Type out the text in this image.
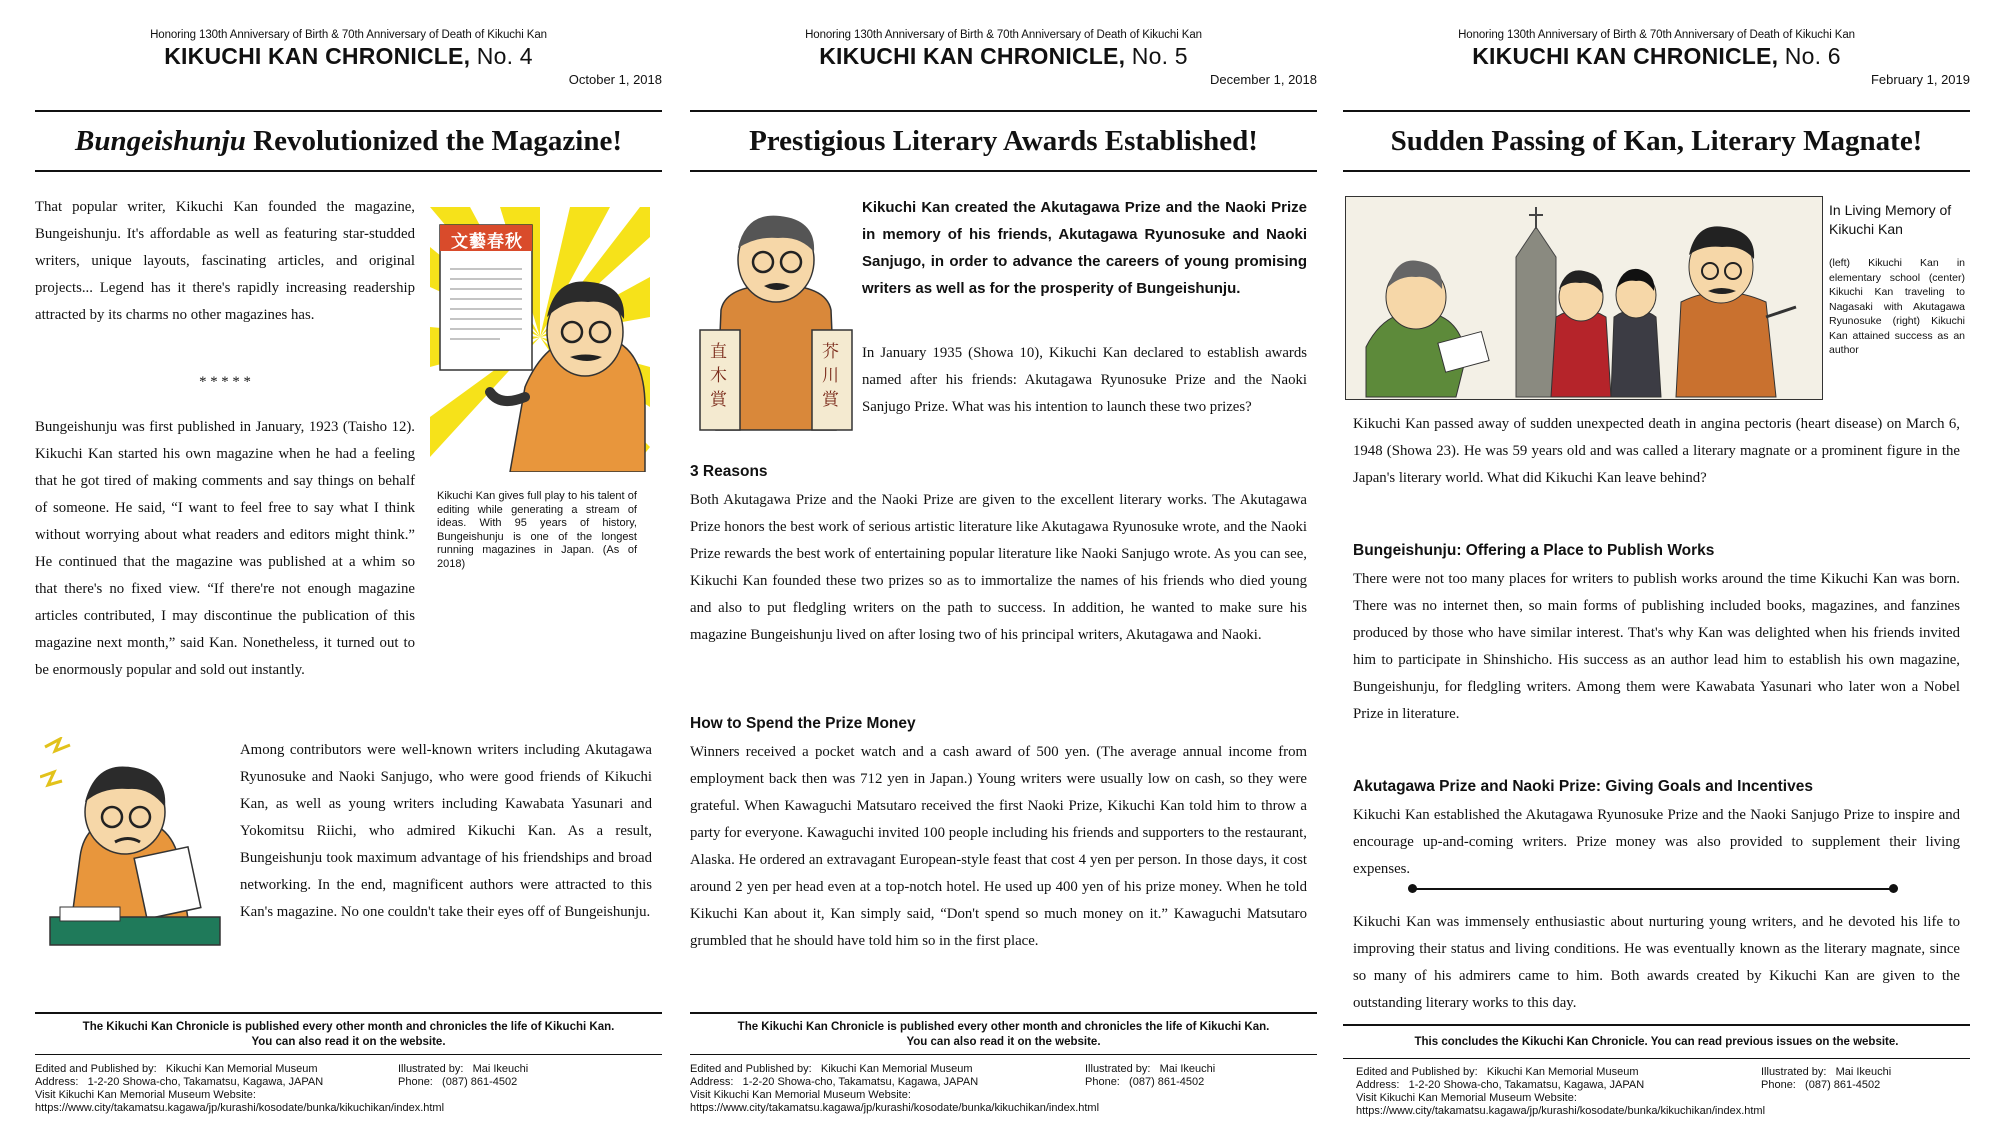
Honoring 130th Anniversary of Birth & 70th Anniversary of Death of Kikuchi Kan
KIKUCHI KAN CHRONICLE, No. 4
October 1, 2018
Bungeishunju Revolutionized the Magazine!
文藝春秋
That popular writer, Kikuchi Kan founded the magazine, Bungeishunju. It's affordable as well as featuring star-studded writers, unique layouts, fascinating articles, and original projects... Legend has it there's rapidly increasing readership attracted by its charms no other magazines has.
* * * * *
Bungeishunju was first published in January, 1923 (Taisho 12). Kikuchi Kan started his own magazine when he had a feeling that he got tired of making comments and say things on behalf of someone. He said, “I want to feel free to say what I think without worrying about what readers and editors might think.” He continued that the magazine was published at a whim so that there's no fixed view. “If there're not enough magazine articles contributed, I may discontinue the publication of this magazine next month,” said Kan. Nonetheless, it turned out to be enormously popular and sold out instantly.
Kikuchi Kan gives full play to his talent of editing while generating a stream of ideas. With 95 years of history, Bungeishunju is one of the longest running magazines in Japan. (As of 2018)
Among contributors were well-known writers including Akutagawa Ryunosuke and Naoki Sanjugo, who were good friends of Kikuchi Kan, as well as young writers including Kawabata Yasunari and Yokomitsu Riichi, who admired Kikuchi Kan. As a result, Bungeishunju took maximum advantage of his friendships and broad networking. In the end, magnificent authors were attracted to this Kan's magazine. No one couldn't take their eyes off of Bungeishunju.
The Kikuchi Kan Chronicle is published every other month and chronicles the life of Kikuchi Kan.
You can also read it on the website.
Edited and Published by: Kikuchi Kan Memorial Museum	Illustrated by: Mai Ikeuchi
Address: 1-2-20 Showa-cho, Takamatsu, Kagawa, JAPAN	Phone: (087) 861-4502
Visit Kikuchi Kan Memorial Museum Website:
https://www.city/takamatsu.kagawa/jp/kurashi/kosodate/bunka/kikuchikan/index.html
Honoring 130th Anniversary of Birth & 70th Anniversary of Death of Kikuchi Kan
KIKUCHI KAN CHRONICLE, No. 5
December 1, 2018
Prestigious Literary Awards Established!
直木賞
芥川賞
Kikuchi Kan created the Akutagawa Prize and the Naoki Prize in memory of his friends, Akutagawa Ryunosuke and Naoki Sanjugo, in order to advance the careers of young promising writers as well as for the prosperity of Bungeishunju.
In January 1935 (Showa 10), Kikuchi Kan declared to establish awards named after his friends: Akutagawa Ryunosuke Prize and the Naoki Sanjugo Prize. What was his intention to launch these two prizes?
3 Reasons
Both Akutagawa Prize and the Naoki Prize are given to the excellent literary works. The Akutagawa Prize honors the best work of serious artistic literature like Akutagawa Ryunosuke wrote, and the Naoki Prize rewards the best work of entertaining popular literature like Naoki Sanjugo wrote. As you can see, Kikuchi Kan founded these two prizes so as to immortalize the names of his friends who died young and also to put fledgling writers on the path to success. In addition, he wanted to make sure his magazine Bungeishunju lived on after losing two of his principal writers, Akutagawa and Naoki.
How to Spend the Prize Money
Winners received a pocket watch and a cash award of 500 yen. (The average annual income from employment back then was 712 yen in Japan.) Young writers were usually low on cash, so they were grateful. When Kawaguchi Matsutaro received the first Naoki Prize, Kikuchi Kan told him to throw a party for everyone. Kawaguchi invited 100 people including his friends and supporters to the restaurant, Alaska. He ordered an extravagant European-style feast that cost 4 yen per person. In those days, it cost around 2 yen per head even at a top-notch hotel. He used up 400 yen of his prize money. When he told Kikuchi Kan about it, Kan simply said, “Don't spend so much money on it.” Kawaguchi Matsutaro grumbled that he should have told him so in the first place.
The Kikuchi Kan Chronicle is published every other month and chronicles the life of Kikuchi Kan.
You can also read it on the website.
Edited and Published by: Kikuchi Kan Memorial Museum	Illustrated by: Mai Ikeuchi
Address: 1-2-20 Showa-cho, Takamatsu, Kagawa, JAPAN	Phone: (087) 861-4502
Visit Kikuchi Kan Memorial Museum Website:
https://www.city/takamatsu.kagawa/jp/kurashi/kosodate/bunka/kikuchikan/index.html
Honoring 130th Anniversary of Birth & 70th Anniversary of Death of Kikuchi Kan
KIKUCHI KAN CHRONICLE, No. 6
February 1, 2019
Sudden Passing of Kan, Literary Magnate!
In Living Memory of Kikuchi Kan
(left) Kikuchi Kan in elementary school (center) Kikuchi Kan traveling to Nagasaki with Akutagawa Ryunosuke (right) Kikuchi Kan attained success as an author
Kikuchi Kan passed away of sudden unexpected death in angina pectoris (heart disease) on March 6, 1948 (Showa 23). He was 59 years old and was called a literary magnate or a prominent figure in the Japan's literary world. What did Kikuchi Kan leave behind?
Bungeishunju: Offering a Place to Publish Works
There were not too many places for writers to publish works around the time Kikuchi Kan was born. There was no internet then, so main forms of publishing included books, magazines, and fanzines produced by those who have similar interest. That's why Kan was delighted when his friends invited him to participate in Shinshicho. His success as an author lead him to establish his own magazine, Bungeishunju, for fledgling writers. Among them were Kawabata Yasunari who later won a Nobel Prize in literature.
Akutagawa Prize and Naoki Prize: Giving Goals and Incentives
Kikuchi Kan established the Akutagawa Ryunosuke Prize and the Naoki Sanjugo Prize to inspire and encourage up-and-coming writers. Prize money was also provided to supplement their living expenses.
Kikuchi Kan was immensely enthusiastic about nurturing young writers, and he devoted his life to improving their status and living conditions. He was eventually known as the literary magnate, since so many of his admirers came to him. Both awards created by Kikuchi Kan are given to the outstanding literary works to this day.
This concludes the Kikuchi Kan Chronicle. You can read previous issues on the website.
Edited and Published by: Kikuchi Kan Memorial Museum	Illustrated by: Mai Ikeuchi
Address: 1-2-20 Showa-cho, Takamatsu, Kagawa, JAPAN	Phone: (087) 861-4502
Visit Kikuchi Kan Memorial Museum Website:
https://www.city/takamatsu.kagawa/jp/kurashi/kosodate/bunka/kikuchikan/index.html
